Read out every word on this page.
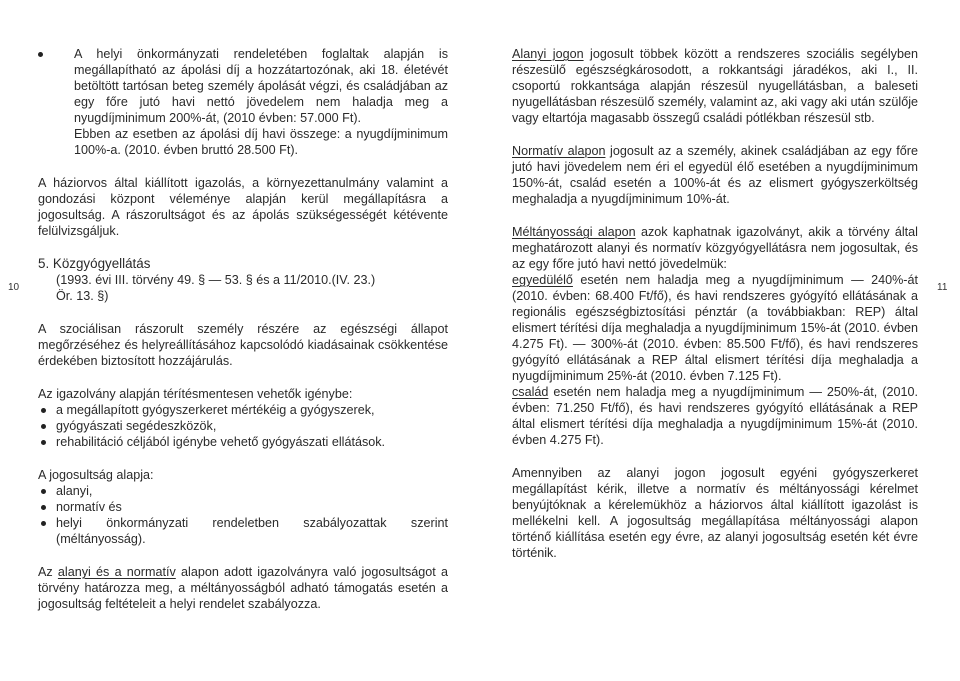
10	11

A helyi önkormányzati rendeletében foglaltak alapján is megállapítható az ápolási díj a hozzátartozónak, aki 18. életévét betöltött tartósan beteg személy ápolását végzi, és családjában az egy főre jutó havi nettó jövedelem nem haladja meg a nyugdíjminimum 200%-át, (2010 évben: 57.000 Ft).

Ebben az esetben az ápolási díj havi összege: a nyugdíjminimum 100%-a. (2010. évben bruttó 28.500 Ft).

A háziorvos által kiállított igazolás, a környezettanulmány valamint a gondozási központ véleménye alapján kerül megállapításra a jogosultság. A rászorultságot és az ápolás szükségességét kétévente felülvizsgáljuk.

5. Közgyógyellátás
(1993. évi III. törvény 49. § — 53. § és a 11/2010.(IV. 23.)
Ör. 13. §)

A szociálisan rászorult személy részére az egészségi állapot megőrzéséhez és helyreállításához kapcsolódó kiadásainak csökkentése érdekében biztosított hozzájárulás.

Az igazolvány alapján térítésmentesen vehetők igénybe:

a megállapított gyógyszerkeret mértékéig a gyógyszerek,
gyógyászati segédeszközök,
rehabilitáció céljából igénybe vehető gyógyászati ellátások.

A jogosultság alapja:

alanyi,
normatív és
helyi önkormányzati rendeletben szabályozattak szerint (méltányosság).

Az alanyi és a normatív alapon adott igazolványra való jogosultságot a törvény határozza meg, a méltányosságból adható támogatás esetén a jogosultság feltételeit a helyi rendelet szabályozza.

Alanyi jogon jogosult többek között a rendszeres szociális segélyben részesülő egészségkárosodott, a rokkantsági járadékos, aki I., II. csoportú rokkantsága alapján részesül nyugellátásban, a baleseti nyugellátásban részesülő személy, valamint az, aki vagy aki után szülője vagy eltartója magasabb összegű családi pótlékban részesül stb.

Normatív alapon jogosult az a személy, akinek családjában az egy főre jutó havi jövedelem nem éri el egyedül élő esetében a nyugdíjminimum 150%-át, család esetén a 100%-át és az elismert gyógyszerköltség meghaladja a nyugdíjminimum 10%-át.

Méltányossági alapon azok kaphatnak igazolványt, akik a törvény által meghatározott alanyi és normatív közgyógyellátásra nem jogosultak, és az egy főre jutó havi nettó jövedelmük:

egyedülélő esetén nem haladja meg a nyugdíjminimum — 240%-át (2010. évben: 68.400 Ft/fő), és havi rendszeres gyógyító ellátásának a regionális egészségbiztosítási pénztár (a továbbiakban: REP) által elismert térítési díja meghaladja a nyugdíjminimum 15%-át (2010. évben 4.275 Ft). — 300%-át (2010. évben: 85.500 Ft/fő), és havi rendszeres gyógyító ellátásának a REP által elismert térítési díja meghaladja a nyugdíjminimum 25%-át (2010. évben 7.125 Ft).

család esetén nem haladja meg a nyugdíjminimum — 250%-át, (2010. évben: 71.250 Ft/fő), és havi rendszeres gyógyító ellátásának a REP által elismert térítési díja meghaladja a nyugdíjminimum 15%-át (2010. évben 4.275 Ft).

Amennyiben az alanyi jogon jogosult egyéni gyógyszerkeret megállapítást kérik, illetve a normatív és méltányossági kérelmet benyújtóknak a kérelemükhöz a háziorvos által kiállított igazolást is mellékelni kell. A jogosultság megállapítása méltányossági alapon történő kiállítása esetén egy évre, az alanyi jogosultság esetén két évre történik.
